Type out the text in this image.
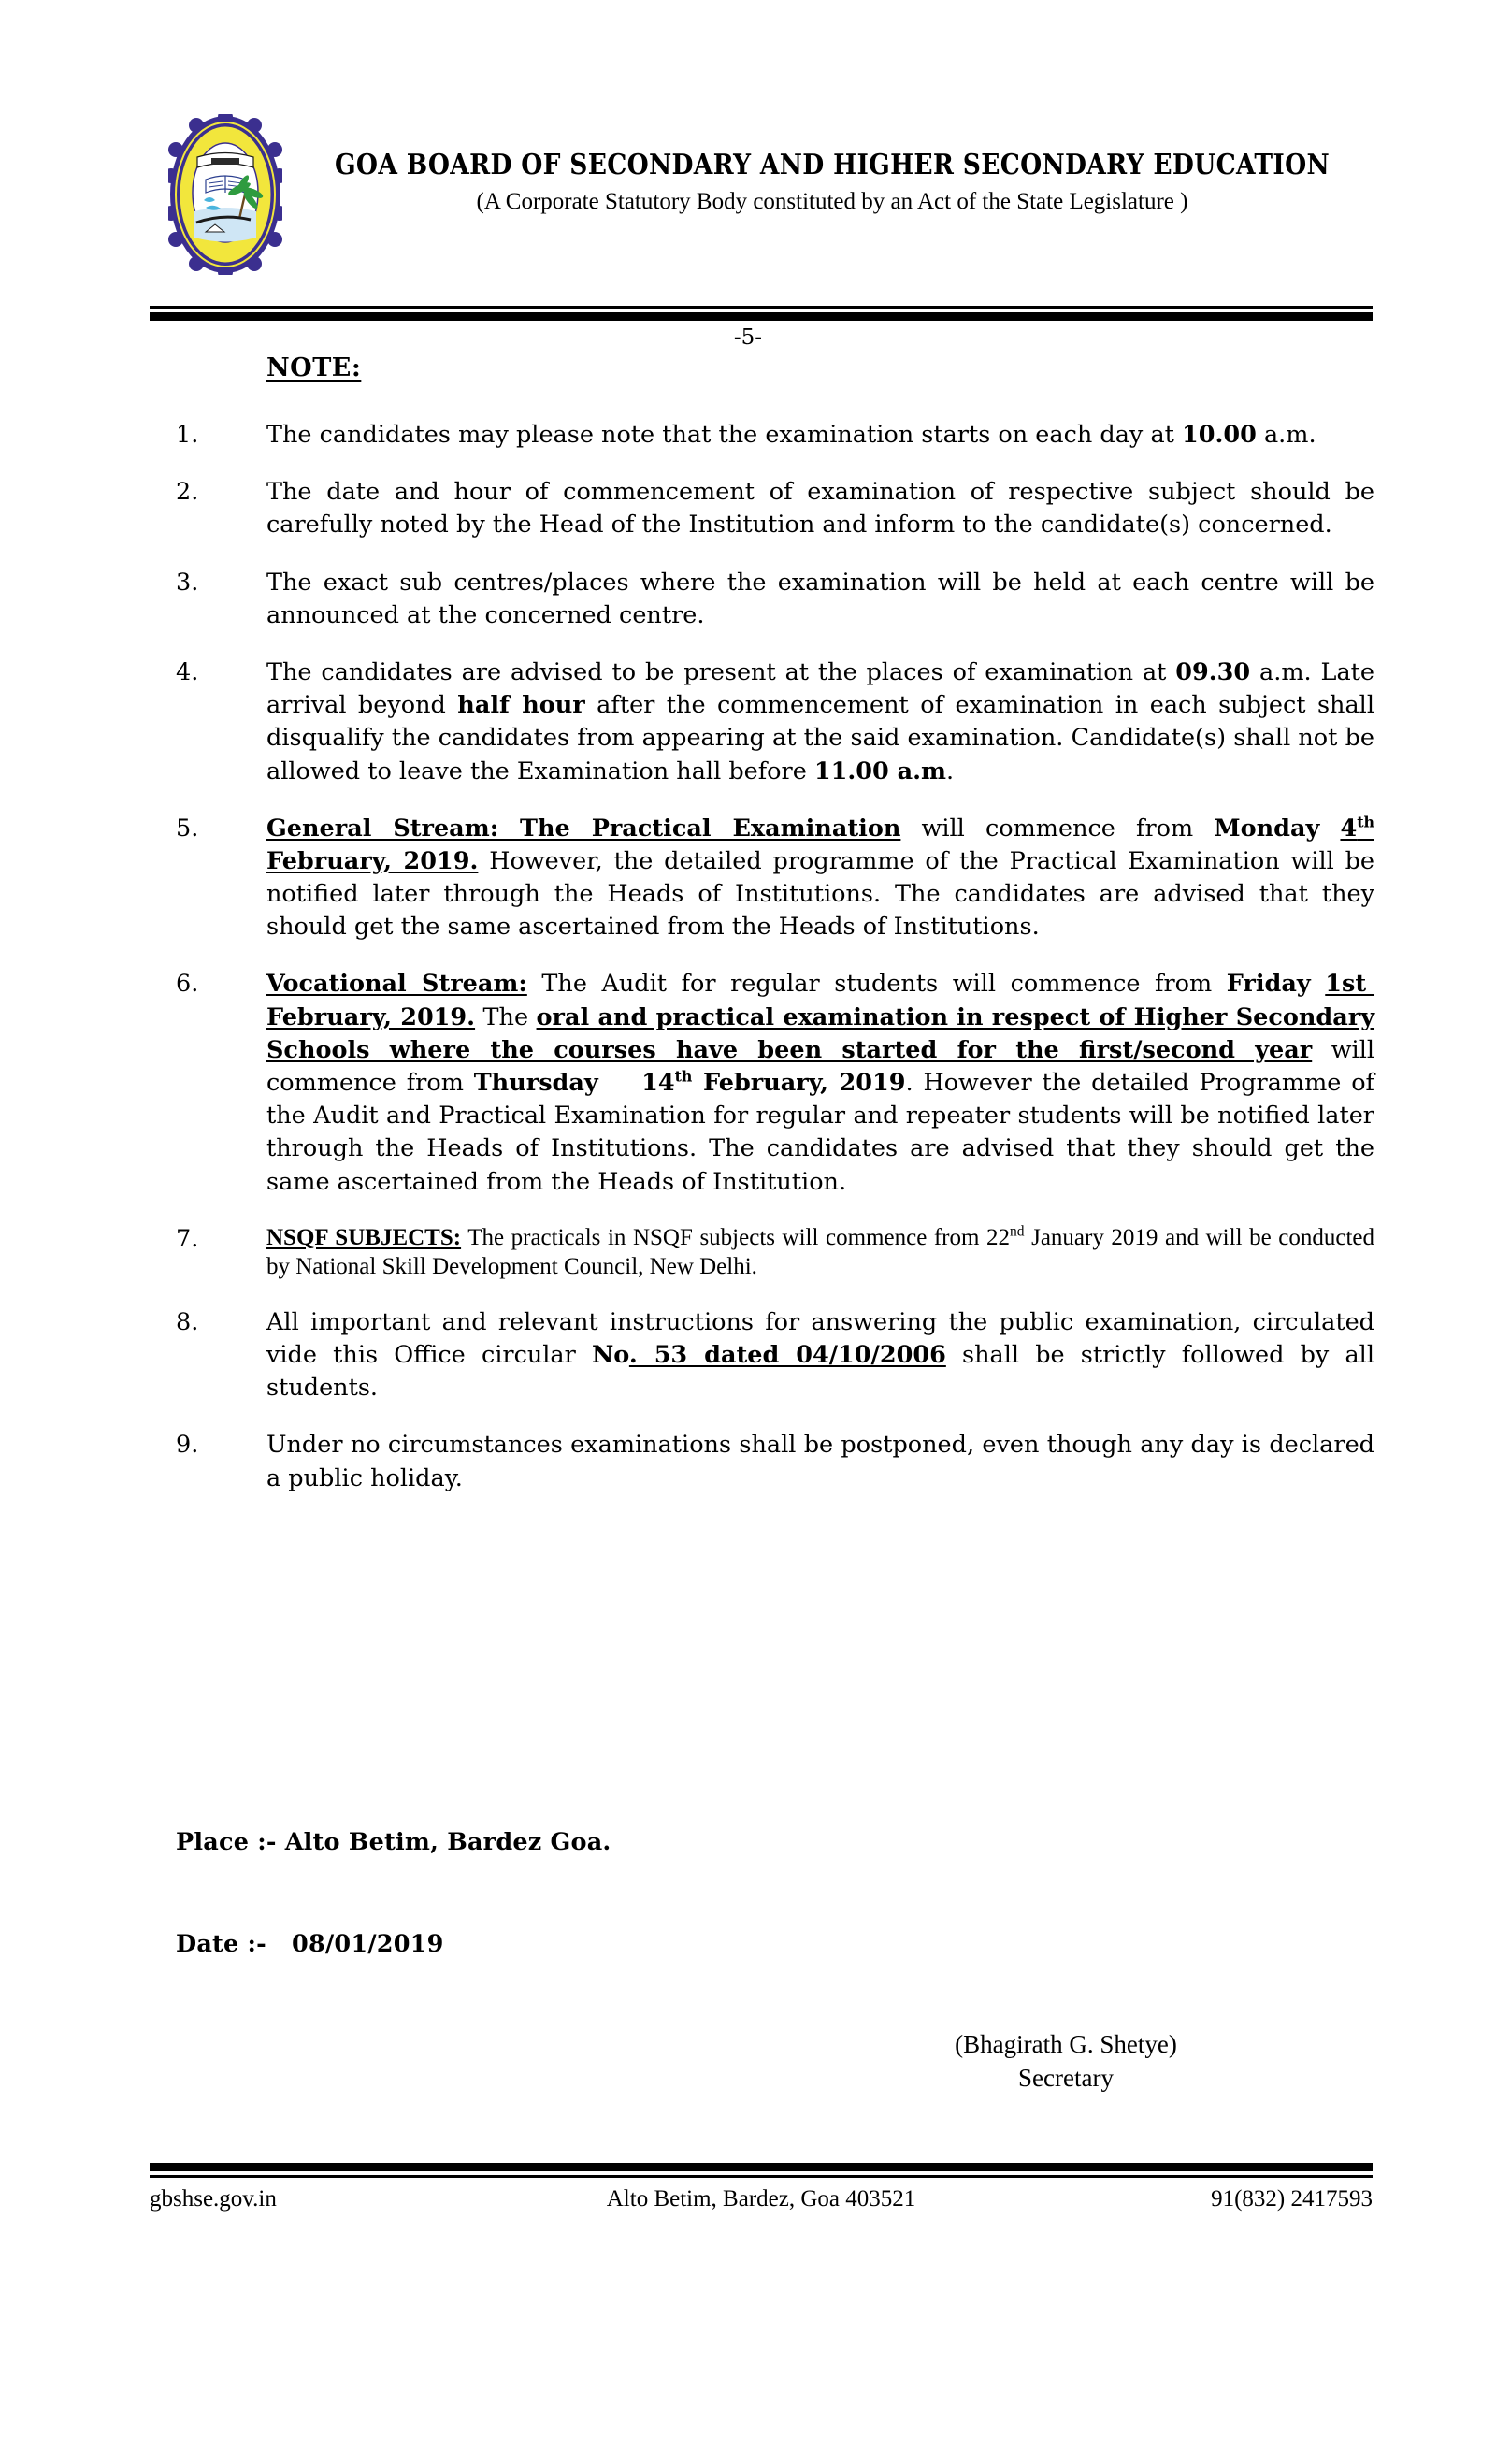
GOA BOARD OF SECONDARY AND HIGHER SECONDARY EDUCATION
(A Corporate Statutory Body constituted by an Act of the State Legislature )
-5-
NOTE:
1.	The candidates may please note that the examination starts on each day at 10.00 a.m.
2.	The date and hour of commencement of examination of respective subject should be carefully noted by the Head of the Institution and inform to the candidate(s) concerned.
3.	The exact sub centres/places where the examination will be held at each centre will be announced at the concerned centre.
4.	The candidates are advised to be present at the places of examination at 09.30 a.m. Late arrival beyond half hour after the commencement of examination in each subject shall disqualify the candidates from appearing at the said examination. Candidate(s) shall not be allowed to leave the Examination hall before 11.00 a.m.
5.	General Stream: The Practical Examination will commence from Monday 4th February, 2019. However, the detailed programme of the Practical Examination will be notified later through the Heads of Institutions. The candidates are advised that they should get the same ascertained from the Heads of Institutions.
6.	Vocational Stream: The Audit for regular students will commence from Friday 1st  February, 2019. The oral and practical examination in respect of Higher Secondary Schools where the courses have been started for the first/second year will commence from Thursday    14th February, 2019. However the detailed Programme of the Audit and Practical Examination for regular and repeater students will be notified later through the Heads of Institutions. The candidates are advised that they should get the same ascertained from the Heads of Institution.
7.	NSQF SUBJECTS: The practicals in NSQF subjects will commence from 22nd January 2019 and will be conducted by National Skill Development Council, New Delhi.
8.	All important and relevant instructions for answering the public examination, circulated vide this Office circular No. 53 dated 04/10/2006 shall be strictly followed by all students.
9.	Under no circumstances examinations shall be postponed, even though any day is declared a public holiday.
Place :- Alto Betim, Bardez Goa.
Date :- 08/01/2019
(Bhagirath G. Shetye)
Secretary
gbshse.gov.in	Alto Betim, Bardez, Goa 403521	91(832) 2417593
